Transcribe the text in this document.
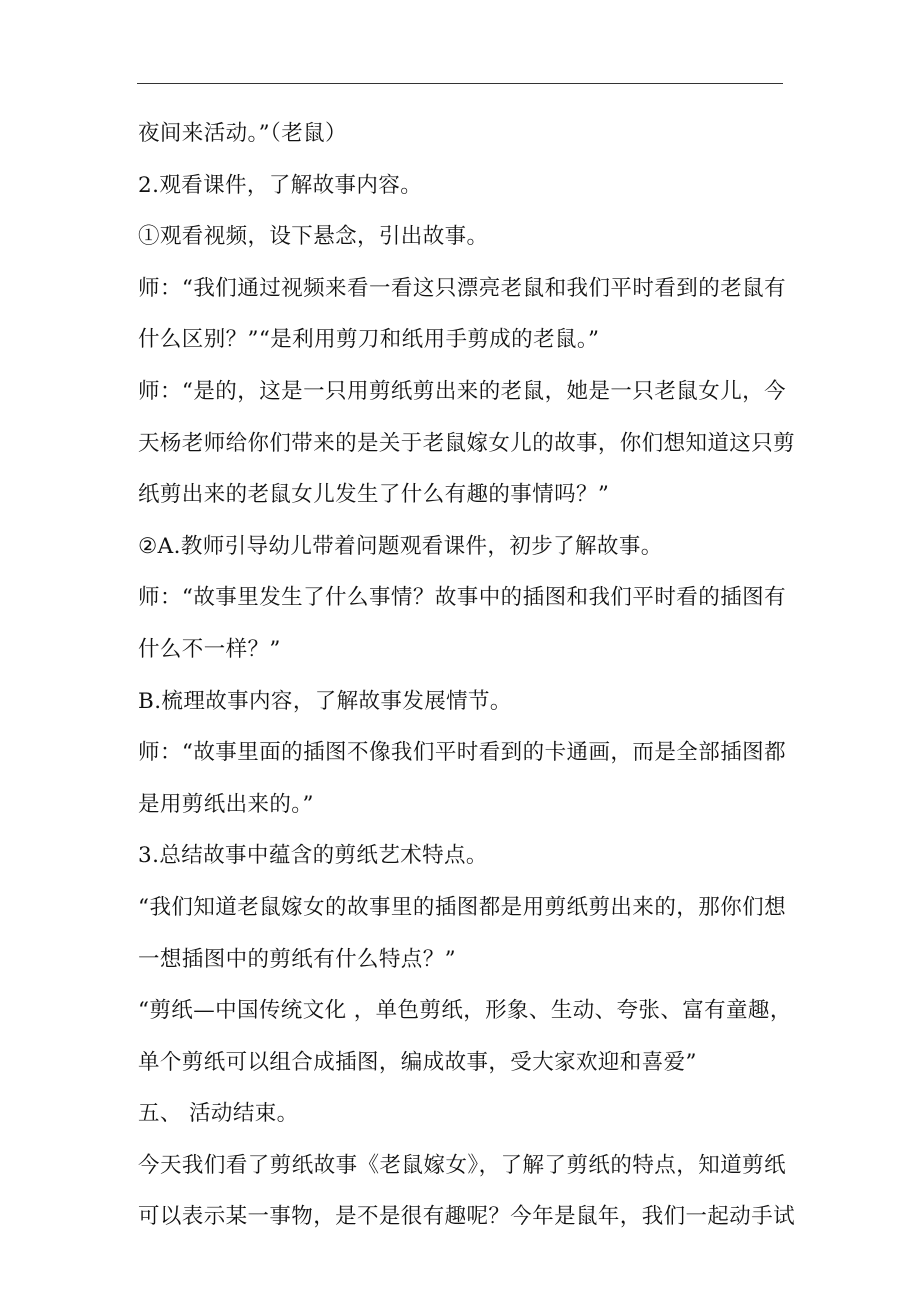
夜间来活动。”（老鼠）
2.观看课件，了解故事内容。
①观看视频，设下悬念，引出故事。
师：“我们通过视频来看一看这只漂亮老鼠和我们平时看到的老鼠有
什么区别？”“是利用剪刀和纸用手剪成的老鼠。”
师：“是的，这是一只用剪纸剪出来的老鼠，她是一只老鼠女儿，今
天杨老师给你们带来的是关于老鼠嫁女儿的故事，你们想知道这只剪
纸剪出来的老鼠女儿发生了什么有趣的事情吗？”
②A.教师引导幼儿带着问题观看课件，初步了解故事。
师：“故事里发生了什么事情？故事中的插图和我们平时看的插图有
什么不一样？”
B.梳理故事内容，了解故事发展情节。
师：“故事里面的插图不像我们平时看到的卡通画，而是全部插图都
是用剪纸出来的。”
3.总结故事中蕴含的剪纸艺术特点。
“我们知道老鼠嫁女的故事里的插图都是用剪纸剪出来的，那你们想
一想插图中的剪纸有什么特点？”
“剪纸—中国传统文化 ，单色剪纸，形象、生动、夸张、富有童趣，
单个剪纸可以组合成插图，编成故事，受大家欢迎和喜爱”
五、 活动结束。
今天我们看了剪纸故事《老鼠嫁女》，了解了剪纸的特点，知道剪纸
可以表示某一事物，是不是很有趣呢？今年是鼠年，我们一起动手试
